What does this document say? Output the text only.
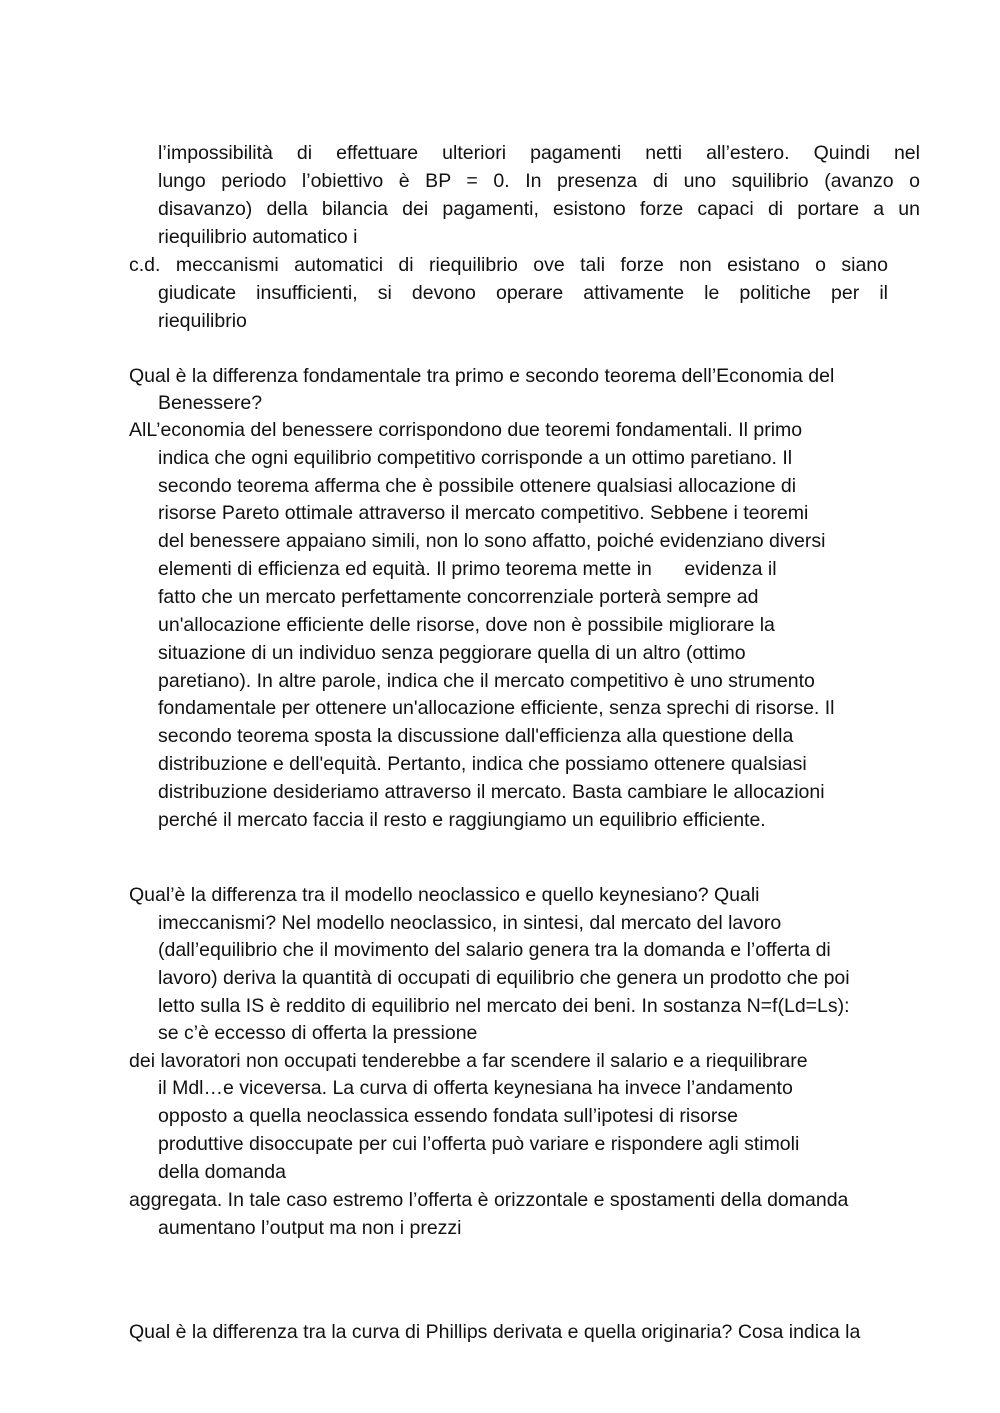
l’impossibilità di effettuare ulteriori pagamenti netti all’estero. Quindi nel
lungo periodo l’obiettivo è BP = 0. In presenza di uno squilibrio (avanzo o
disavanzo) della bilancia dei pagamenti, esistono forze capaci di portare a un
riequilibrio automatico i
c.d. meccanismi automatici di riequilibrio ove tali forze non esistano o siano
giudicate insufficienti, si devono operare attivamente le politiche per il
riequilibrio
Qual è la differenza fondamentale tra primo e secondo teorema dell’Economia del
Benessere?
AlL’economia del benessere corrispondono due teoremi fondamentali. Il primo
indica che ogni equilibrio competitivo corrisponde a un ottimo paretiano. Il
secondo teorema afferma che è possibile ottenere qualsiasi allocazione di
risorse Pareto ottimale attraverso il mercato competitivo. Sebbene i teoremi
del benessere appaiano simili, non lo sono affatto, poiché evidenziano diversi
elementi di efficienza ed equità. Il primo teorema mette in      evidenza il
fatto che un mercato perfettamente concorrenziale porterà sempre ad
un'allocazione efficiente delle risorse, dove non è possibile migliorare la
situazione di un individuo senza peggiorare quella di un altro (ottimo
paretiano). In altre parole, indica che il mercato competitivo è uno strumento
fondamentale per ottenere un'allocazione efficiente, senza sprechi di risorse. Il
secondo teorema sposta la discussione dall'efficienza alla questione della
distribuzione e dell'equità. Pertanto, indica che possiamo ottenere qualsiasi
distribuzione desideriamo attraverso il mercato. Basta cambiare le allocazioni
perché il mercato faccia il resto e raggiungiamo un equilibrio efficiente.
Qual’è la differenza tra il modello neoclassico e quello keynesiano? Quali
imeccanismi? Nel modello neoclassico, in sintesi, dal mercato del lavoro
(dall’equilibrio che il movimento del salario genera tra la domanda e l’offerta di
lavoro) deriva la quantità di occupati di equilibrio che genera un prodotto che poi
letto sulla IS è reddito di equilibrio nel mercato dei beni. In sostanza N=f(Ld=Ls):
se c’è eccesso di offerta la pressione
dei lavoratori non occupati tenderebbe a far scendere il salario e a riequilibrare
il Mdl…e viceversa. La curva di offerta keynesiana ha invece l’andamento
opposto a quella neoclassica essendo fondata sull’ipotesi di risorse
produttive disoccupate per cui l’offerta può variare e rispondere agli stimoli
della domanda
aggregata. In tale caso estremo l’offerta è orizzontale e spostamenti della domanda
aumentano l’output ma non i prezzi
Qual è la differenza tra la curva di Phillips derivata e quella originaria? Cosa indica la
